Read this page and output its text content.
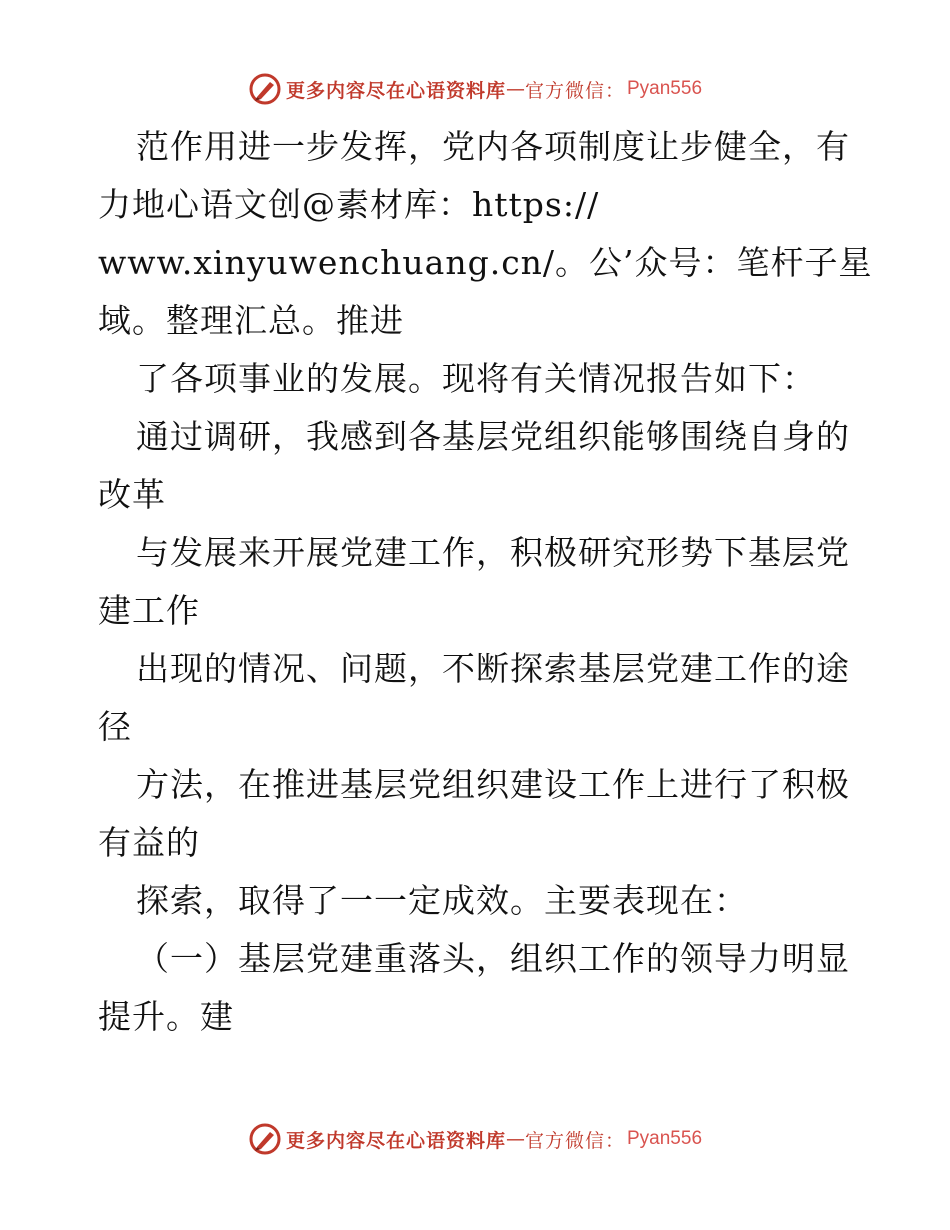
更多内容尽在心语资料库 — 官方微信： Pyan556
范作用进一步发挥，党内各项制度让步健全，有
力地心语文创@素材库：https://
www.xinyuwenchuang.cn/。公’众号：笔杆子星
域。整理汇总。推进
了各项事业的发展。现将有关情况报告如下：
通过调研，我感到各基层党组织能够围绕自身的
改革
与发展来开展党建工作，积极研究形势下基层党
建工作
出现的情况、问题，不断探索基层党建工作的途
径
方法，在推进基层党组织建设工作上进行了积极
有益的
探索，取得了一一定成效。主要表现在：
（一）基层党建重落头，组织工作的领导力明显
提升。建
更多内容尽在心语资料库 — 官方微信： Pyan556
